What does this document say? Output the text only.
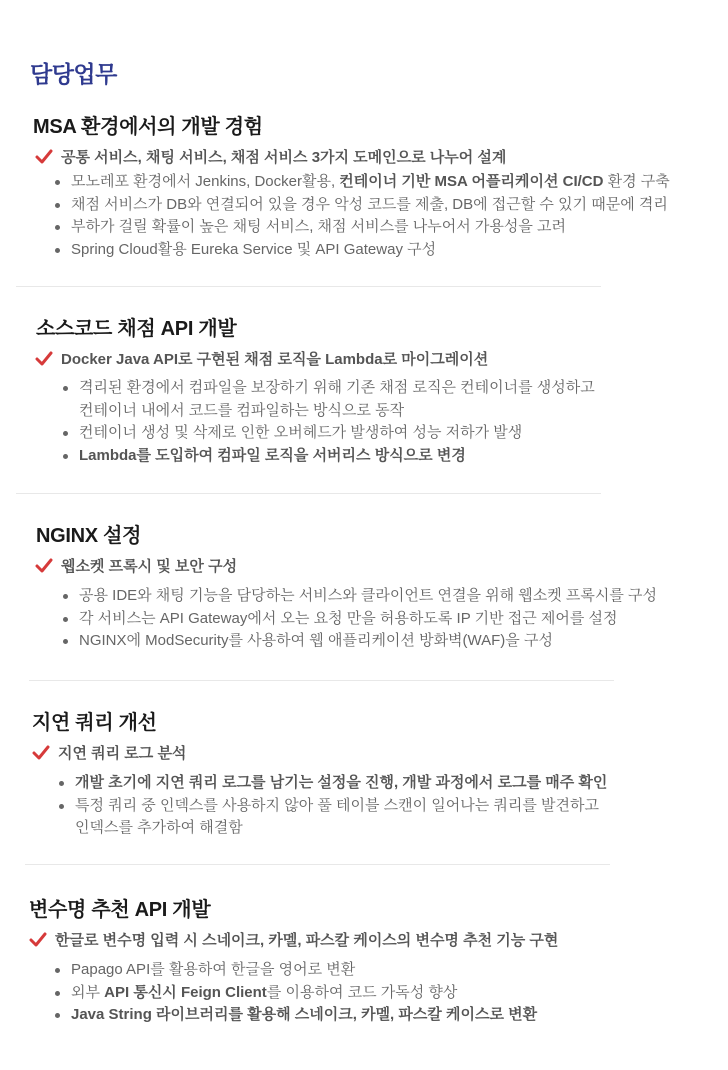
담당업무
MSA 환경에서의 개발 경험
공통 서비스, 채팅 서비스, 채점 서비스 3가지 도메인으로 나누어 설계
모노레포 환경에서 Jenkins, Docker활용, 컨테이너 기반 MSA 어플리케이션 CI/CD 환경 구축
채점 서비스가 DB와 연결되어 있을 경우 악성 코드를 제출, DB에 접근할 수 있기 때문에 격리
부하가 걸릴 확률이 높은 채팅 서비스, 채점 서비스를 나누어서 가용성을 고려
Spring Cloud활용 Eureka Service 및 API Gateway 구성
소스코드 채점 API 개발
Docker Java API로 구현된 채점 로직을 Lambda로 마이그레이션
격리된 환경에서 컴파일을 보장하기 위해 기존 채점 로직은 컨테이너를 생성하고
컨테이너 내에서 코드를 컴파일하는 방식으로 동작
컨테이너 생성 및 삭제로 인한 오버헤드가 발생하여 성능 저하가 발생
Lambda를 도입하여 컴파일 로직을 서버리스 방식으로 변경
NGINX 설정
웹소켓 프록시 및 보안 구성
공용 IDE와 채팅 기능을 담당하는 서비스와 클라이언트 연결을 위해 웹소켓 프록시를 구성
각 서비스는 API Gateway에서 오는 요청 만을 허용하도록 IP 기반 접근 제어를 설정
NGINX에 ModSecurity를 사용하여 웹 애플리케이션 방화벽(WAF)을 구성
지연 쿼리 개선
지연 쿼리 로그 분석
개발 초기에 지연 쿼리 로그를 남기는 설정을 진행, 개발 과정에서 로그를 매주 확인
특정 쿼리 중 인덱스를 사용하지 않아 풀 테이블 스캔이 일어나는 쿼리를 발견하고
인덱스를 추가하여 해결함
변수명 추천 API 개발
한글로 변수명 입력 시 스네이크, 카멜, 파스칼 케이스의 변수명 추천 기능 구현
Papago API를 활용하여 한글을 영어로 변환
외부 API 통신시 Feign Client를 이용하여 코드 가독성 향상
Java String 라이브러리를 활용해 스네이크, 카멜, 파스칼 케이스로 변환
